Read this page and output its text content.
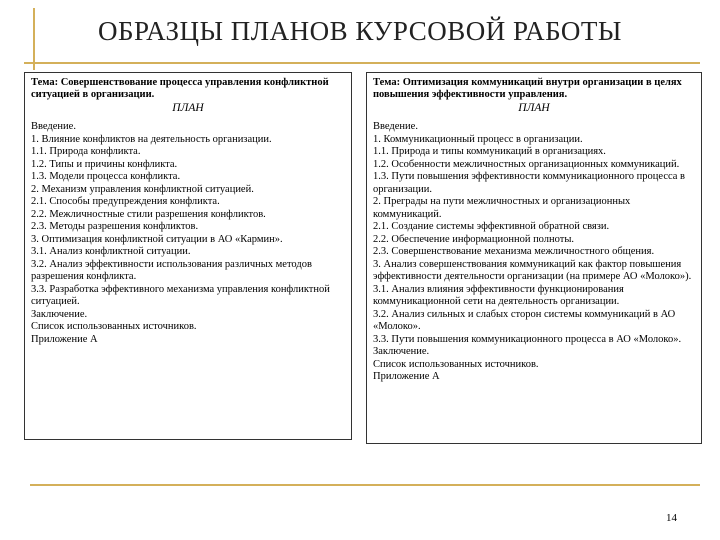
ОБРАЗЦЫ ПЛАНОВ КУРСОВОЙ РАБОТЫ
Тема: Совершенствование процесса управления конфликтной ситуацией в организации.
ПЛАН
Введение.
1. Влияние конфликтов на деятельность организации.
1.1. Природа конфликта.
1.2. Типы и причины конфликта.
1.3. Модели процесса конфликта.
2. Механизм управления конфликтной ситуацией.
2.1. Способы предупреждения конфликта.
2.2. Межличностные стили разрешения конфликтов.
2.3. Методы разрешения конфликтов.
3. Оптимизация конфликтной ситуации в АО «Кармин».
3.1. Анализ конфликтной ситуации.
3.2. Анализ эффективности использования различных методов разрешения конфликта.
3.3. Разработка эффективного механизма управления конфликтной ситуацией.
Заключение.
Список использованных источников.
Приложение А
Тема: Оптимизация коммуникаций внутри организации в целях повышения эффективности управления.
ПЛАН
Введение.
1. Коммуникационный процесс в организации.
1.1. Природа и типы коммуникаций в организациях.
1.2. Особенности межличностных организационных коммуникаций.
1.3. Пути повышения эффективности коммуникационного процесса в организации.
2. Преграды на пути межличностных и организационных коммуникаций.
2.1. Создание системы эффективной обратной связи.
2.2. Обеспечение информационной полноты.
2.3. Совершенствование механизма межличностного общения.
3. Анализ совершенствования коммуникаций как фактор повышения эффективности деятельности организации (на примере АО «Молоко»).
3.1. Анализ влияния эффективности функционирования коммуникационной сети на деятельность организации.
3.2. Анализ сильных и слабых сторон системы коммуникаций в АО «Молоко».
3.3. Пути повышения коммуникационного процесса в АО «Молоко».
Заключение.
Список использованных источников.
Приложение А
14
